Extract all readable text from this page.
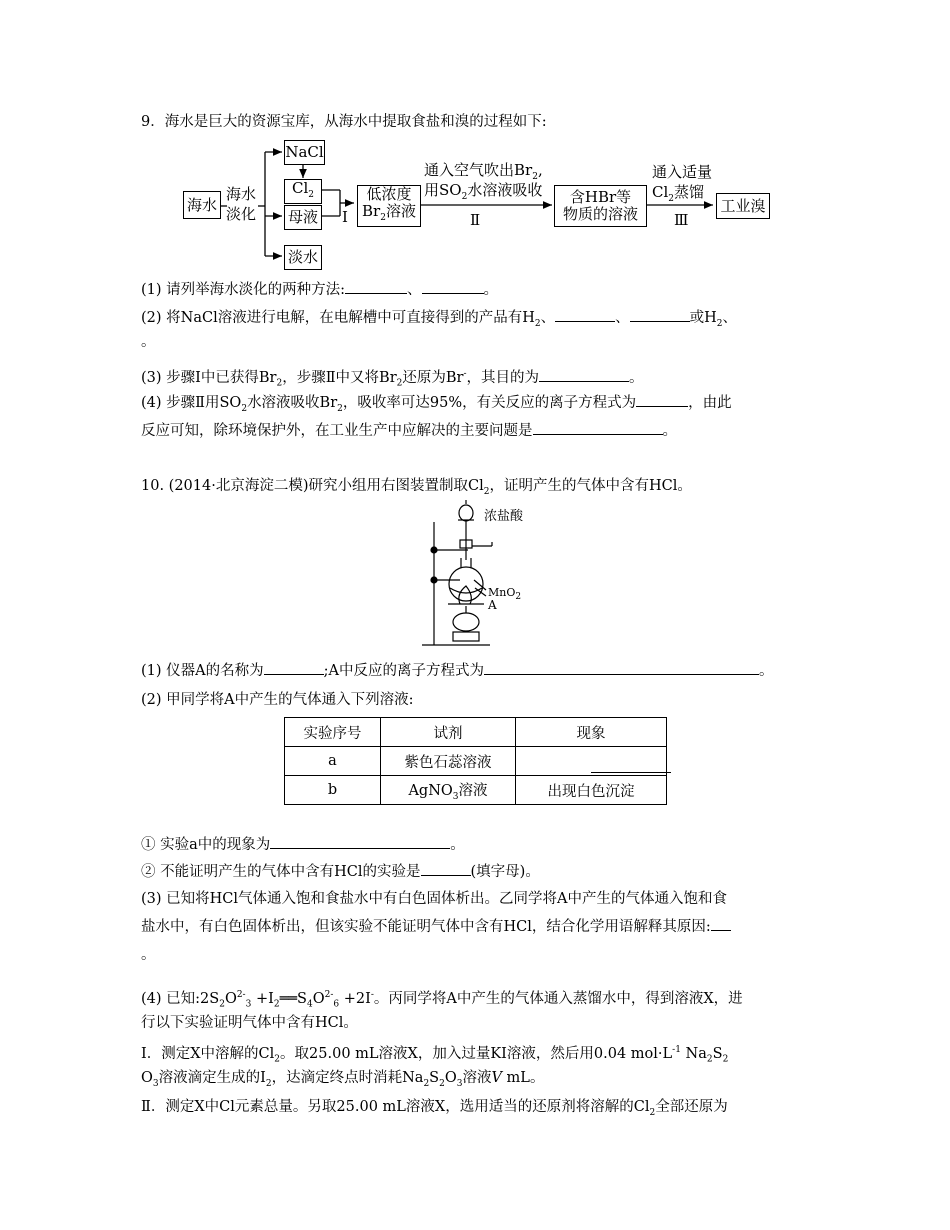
9．海水是巨大的资源宝库，从海水中提取食盐和溴的过程如下:
海水
海水
淡化
NaCl
$Cl_2$
母液
淡水
Ⅰ
低浓度
$Br_2$溶液
通入空气吹出$Br_2$,
用$SO_2$水溶液吸收
Ⅱ
含HBr等
物质的溶液
通入适量
$Cl_2$蒸馏
Ⅲ
工业溴
(1) 请列举海水淡化的两种方法:	、	。
(2) 将NaCl溶液进行电解，在电解槽中可直接得到的产品有$H_2$、	、	或$H_2$、
。
(3) 步骤Ⅰ中已获得$Br_2$，步骤Ⅱ中又将$Br_2$还原为Br-，其目的为	。
(4) 步骤Ⅱ用$SO_2$水溶液吸收$Br_2$，吸收率可达95%，有关反应的离子方程式为	，由此
反应可知，除环境保护外，在工业生产中应解决的主要问题是	。
10. (2014·北京海淀二模)研究小组用右图装置制取$Cl_2$，证明产生的气体中含有HCl。
浓盐酸
MnO$_2$
A
(1) 仪器A的名称为	;A中反应的离子方程式为	。
(2) 甲同学将A中产生的气体通入下列溶液:
实验序号	试剂	现象
a	紫色石蕊溶液	

b	AgNO$_3$溶液	出现白色沉淀
① 实验a中的现象为	。
② 不能证明产生的气体中含有HCl的实验是	(填字母)。
(3) 已知将HCl气体通入饱和食盐水中有白色固体析出。乙同学将A中产生的气体通入饱和食
盐水中，有白色固体析出，但该实验不能证明气体中含有HCl，结合化学用语解释其原因:
。
(4) 已知$:2S_2O^{2-}_3$ $+I_2══S_4O^{2-}_6 +2I^-$。丙同学将A中产生的气体通入蒸馏水中，得到溶液X，进
行以下实验证明气体中含有HCl。
Ⅰ．测定X中溶解的$Cl_2$。取25.00 mL溶液X，加入过量KI溶液，然后用0.04 $mol\cdot L^{-1}$ $Na_2S_2$
$O_3$溶液滴定生成的$I_2$，达滴定终点时消耗$Na_2S_2O_3$溶液V mL。
Ⅱ．测定X中Cl元素总量。另取25.00 mL溶液X，选用适当的还原剂将溶解的$Cl_2$全部还原为
